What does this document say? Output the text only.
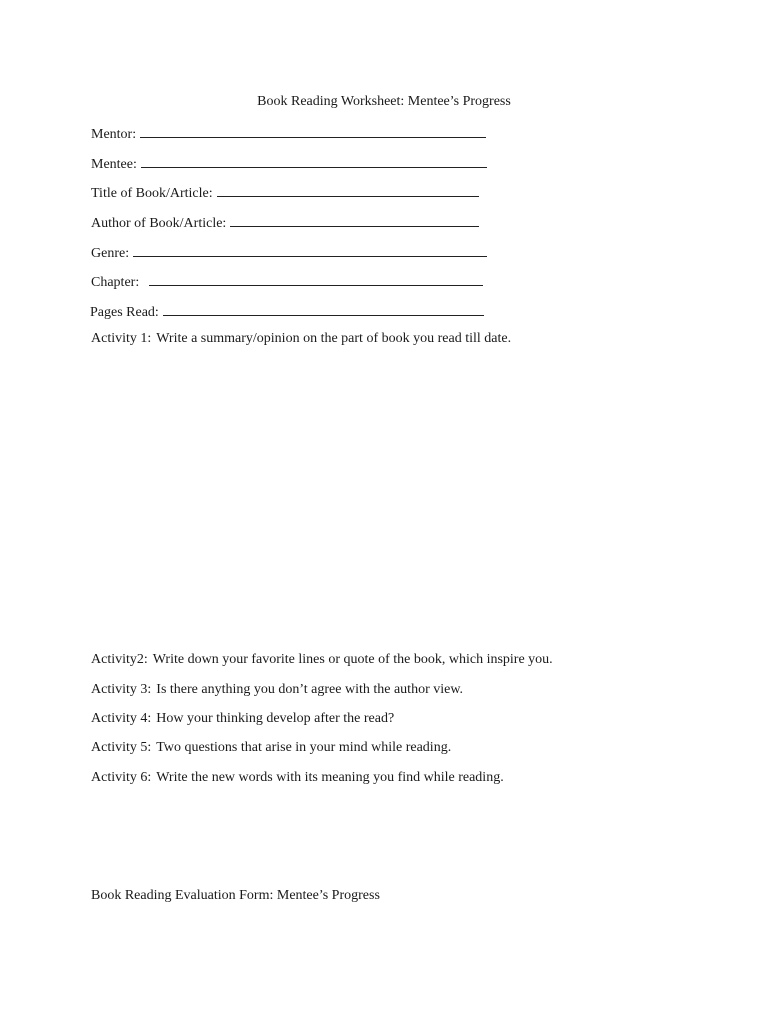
Book Reading Worksheet: Mentee’s Progress
Mentor:
Mentee:
Title of Book/Article:
Author of Book/Article:
Genre:
Chapter:
Pages Read:
Activity 1: Write a summary/opinion on the part of book you read till date.
Activity2: Write down your favorite lines or quote of the book, which inspire you.
Activity 3: Is there anything you don’t agree with the author view.
Activity 4: How your thinking develop after the read?
Activity 5: Two questions that arise in your mind while reading.
Activity 6: Write the new words with its meaning you find while reading.
Book Reading Evaluation Form: Mentee’s Progress
